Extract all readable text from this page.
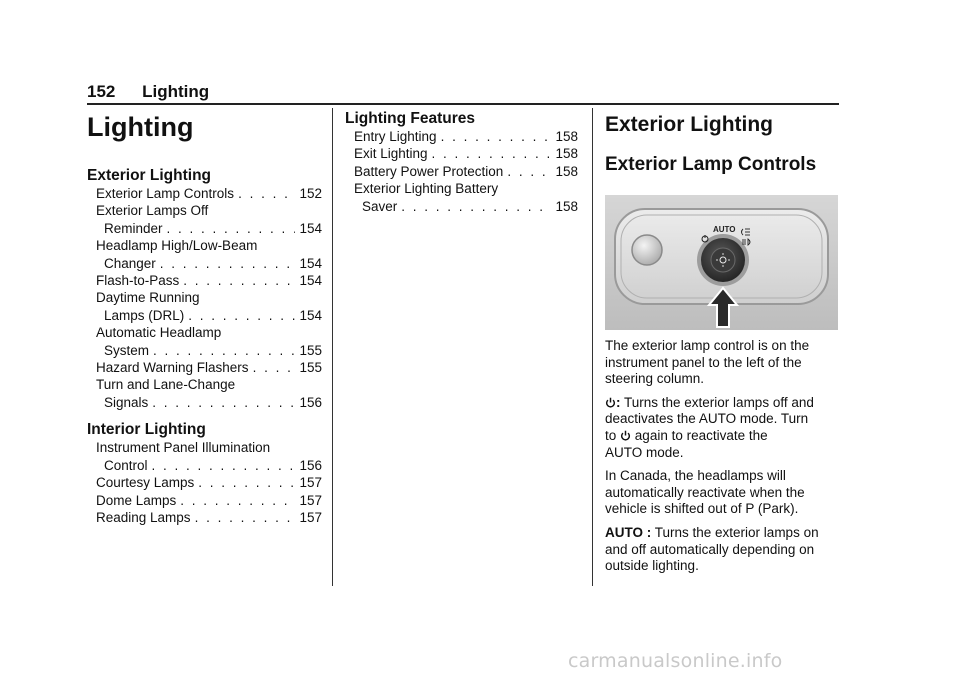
152 Lighting
Lighting
Exterior Lighting
Exterior Lamp Controls . . .	152
Exterior Lamps Off
Reminder . . .	154
Headlamp High/Low-Beam
Changer . . .	154
Flash-to-Pass . . .	154
Daytime Running
Lamps (DRL) . . .	154
Automatic Headlamp
System . . .	155
Hazard Warning Flashers . . .	155
Turn and Lane-Change
Signals . . .	156
Interior Lighting
Instrument Panel Illumination
Control . . .	156
Courtesy Lamps . . .	157
Dome Lamps . . .	157
Reading Lamps . . .	157
Lighting Features
Entry Lighting . . .	158
Exit Lighting . . .	158
Battery Power Protection . . .	158
Exterior Lighting Battery
Saver . . .	158
Exterior Lighting
Exterior Lamp Controls
AUTO

The exterior lamp control is on the instrument panel to the left of the steering column.

: Turns the exterior lamps off and deactivates the AUTO mode. Turn
to again to reactivate the
AUTO mode.

In Canada, the headlamps will automatically reactivate when the vehicle is shifted out of P (Park).

AUTO : Turns the exterior lamps on and off automatically depending on outside lighting.

carmanualsonline.info
